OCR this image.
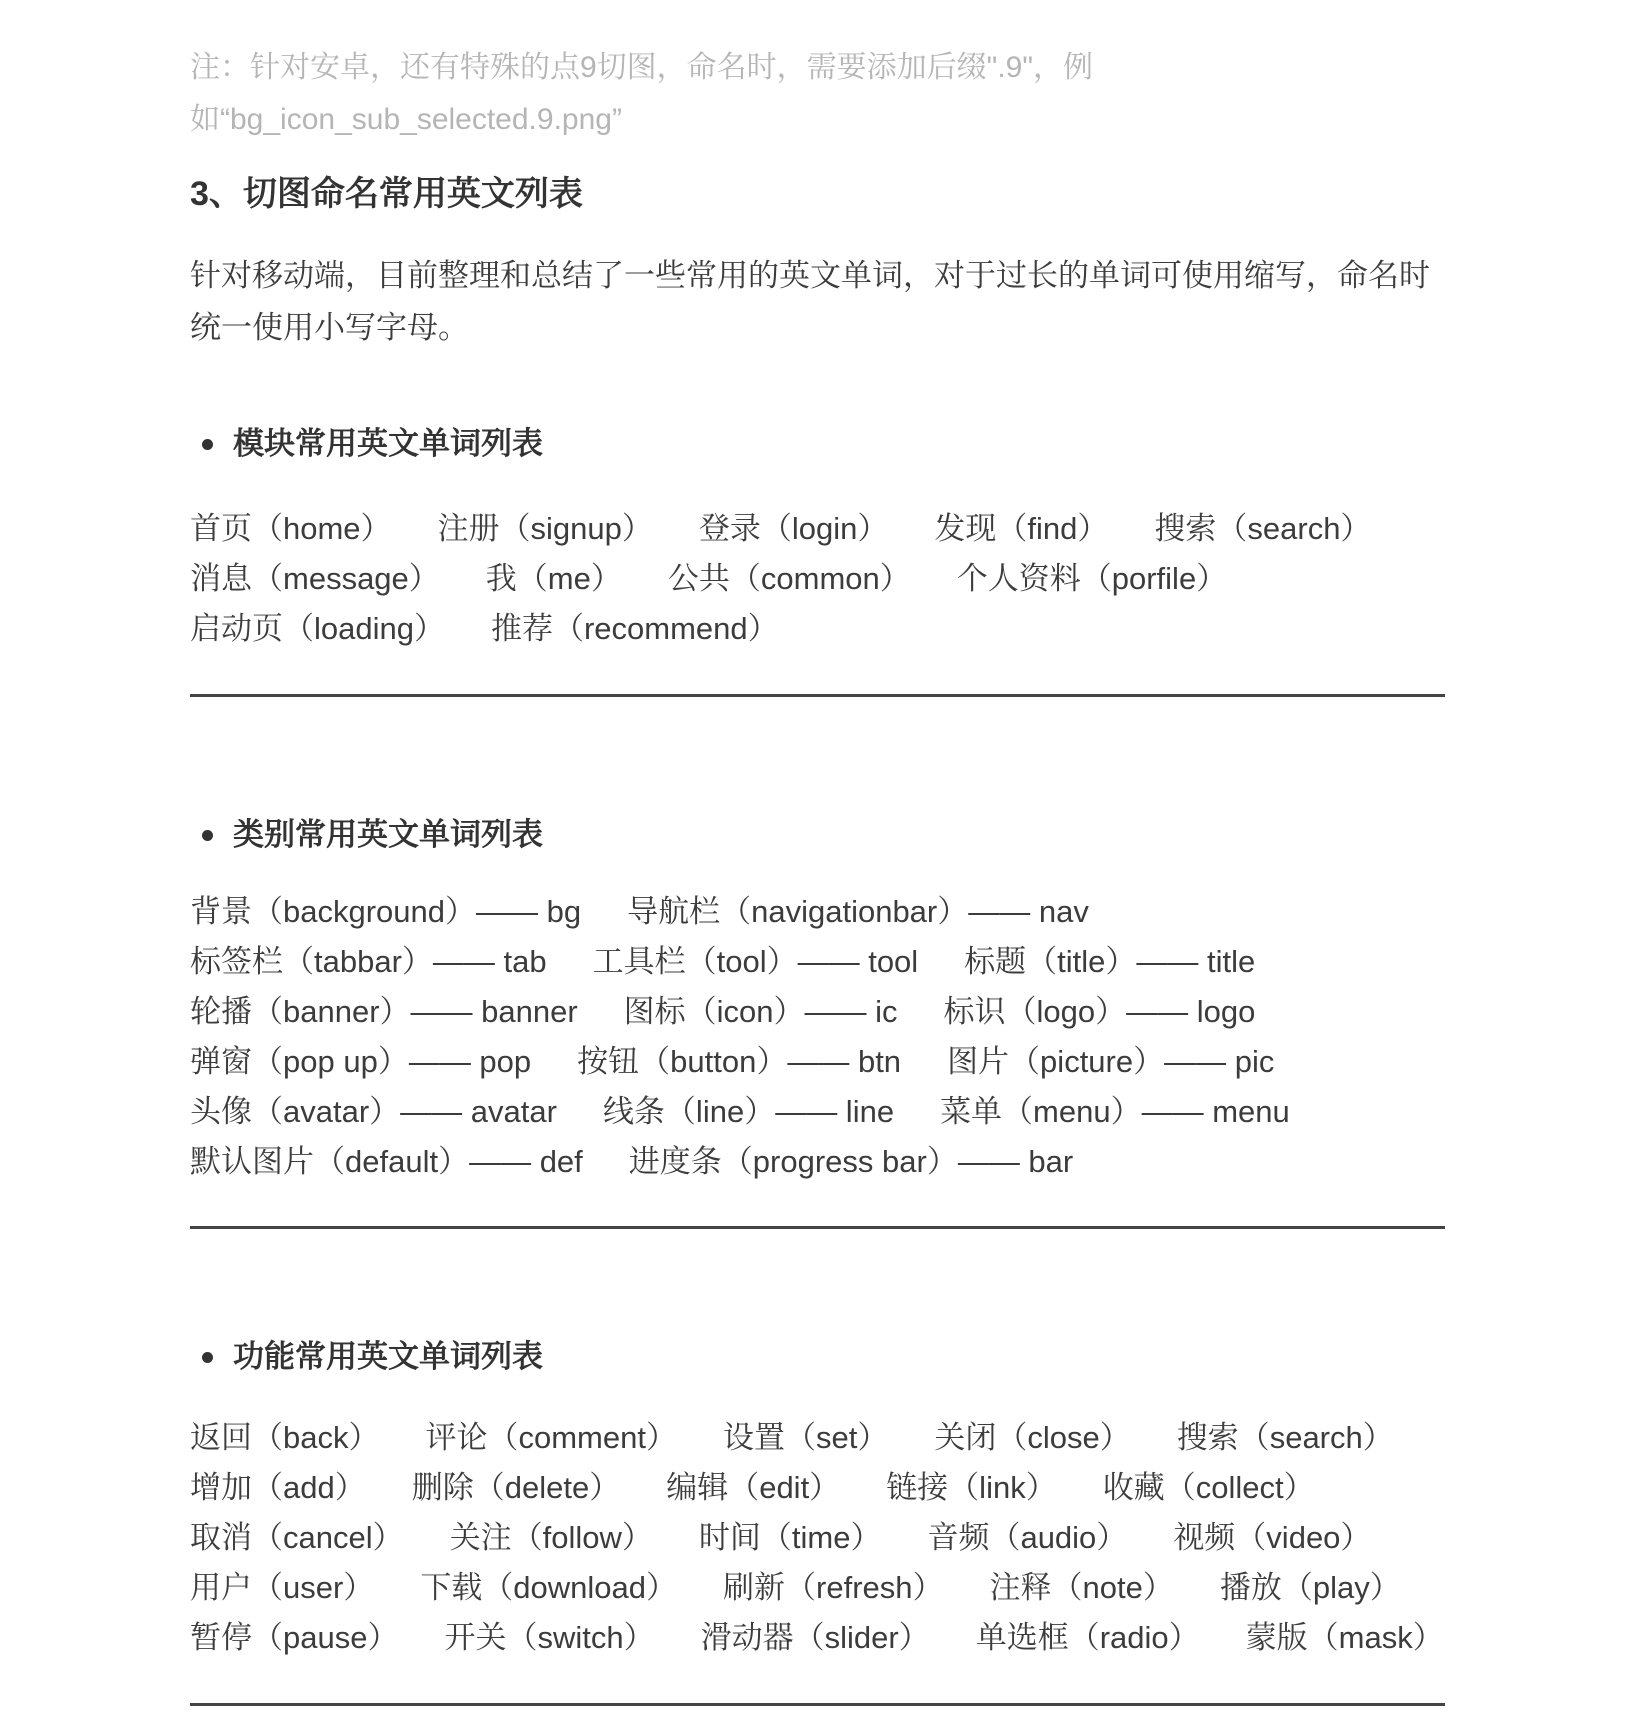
注：针对安卓，还有特殊的点9切图，命名时，需要添加后缀".9"，例
如“bg_icon_sub_selected.9.png”

3、切图命名常用英文列表

针对移动端，目前整理和总结了一些常用的英文单词，对于过长的单词可使用缩写，命名时
统一使用小写字母。

模块常用英文单词列表
首页（home） 注册（signup） 登录（login） 发现（find） 搜索（search）
消息（message） 我（me） 公共（common） 个人资料（porfile）
启动页（loading） 推荐（recommend）
类别常用英文单词列表
背景（background）—— bg 导航栏（navigationbar）—— nav
标签栏（tabbar）—— tab 工具栏（tool）—— tool 标题（title）—— title
轮播（banner）—— banner 图标（icon）—— ic 标识（logo）—— logo
弹窗（pop up）—— pop 按钮（button）—— btn 图片（picture）—— pic
头像（avatar）—— avatar 线条（line）—— line 菜单（menu）—— menu
默认图片（default）—— def 进度条（progress bar）—— bar
功能常用英文单词列表
返回（back） 评论（comment） 设置（set） 关闭（close） 搜索（search）
增加（add） 删除（delete） 编辑（edit） 链接（link） 收藏（collect）
取消（cancel） 关注（follow） 时间（time） 音频（audio） 视频（video）
用户（user） 下载（download） 刷新（refresh） 注释（note） 播放（play）
暂停（pause） 开关（switch） 滑动器（slider） 单选框（radio） 蒙版（mask）
